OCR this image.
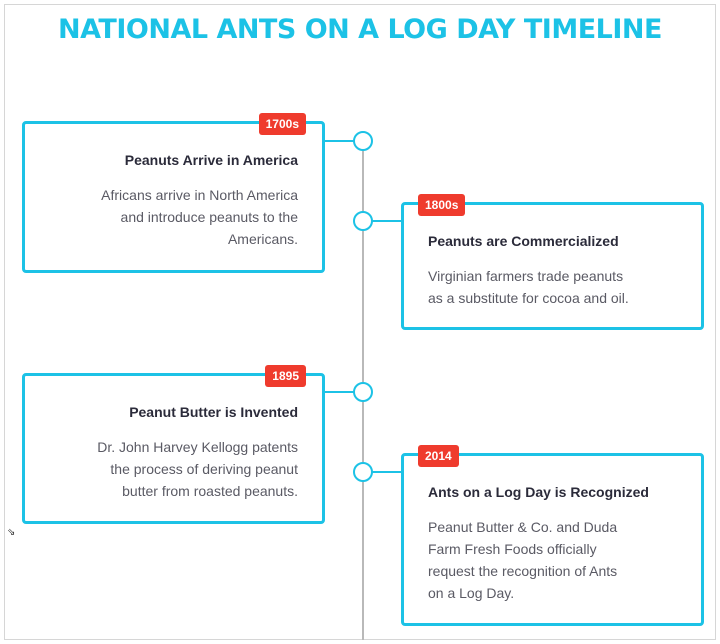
NATIONAL ANTS ON A LOG DAY TIMELINE
1700s
Peanuts Arrive in America
Africans arrive in North America
and introduce peanuts to the
Americans.
1800s
Peanuts are Commercialized
Virginian farmers trade peanuts
as a substitute for cocoa and oil.
1895
Peanut Butter is Invented
Dr. John Harvey Kellogg patents
the process of deriving peanut
butter from roasted peanuts.
2014
Ants on a Log Day is Recognized
Peanut Butter & Co. and Duda
Farm Fresh Foods officially
request the recognition of Ants
on a Log Day.
⇘
